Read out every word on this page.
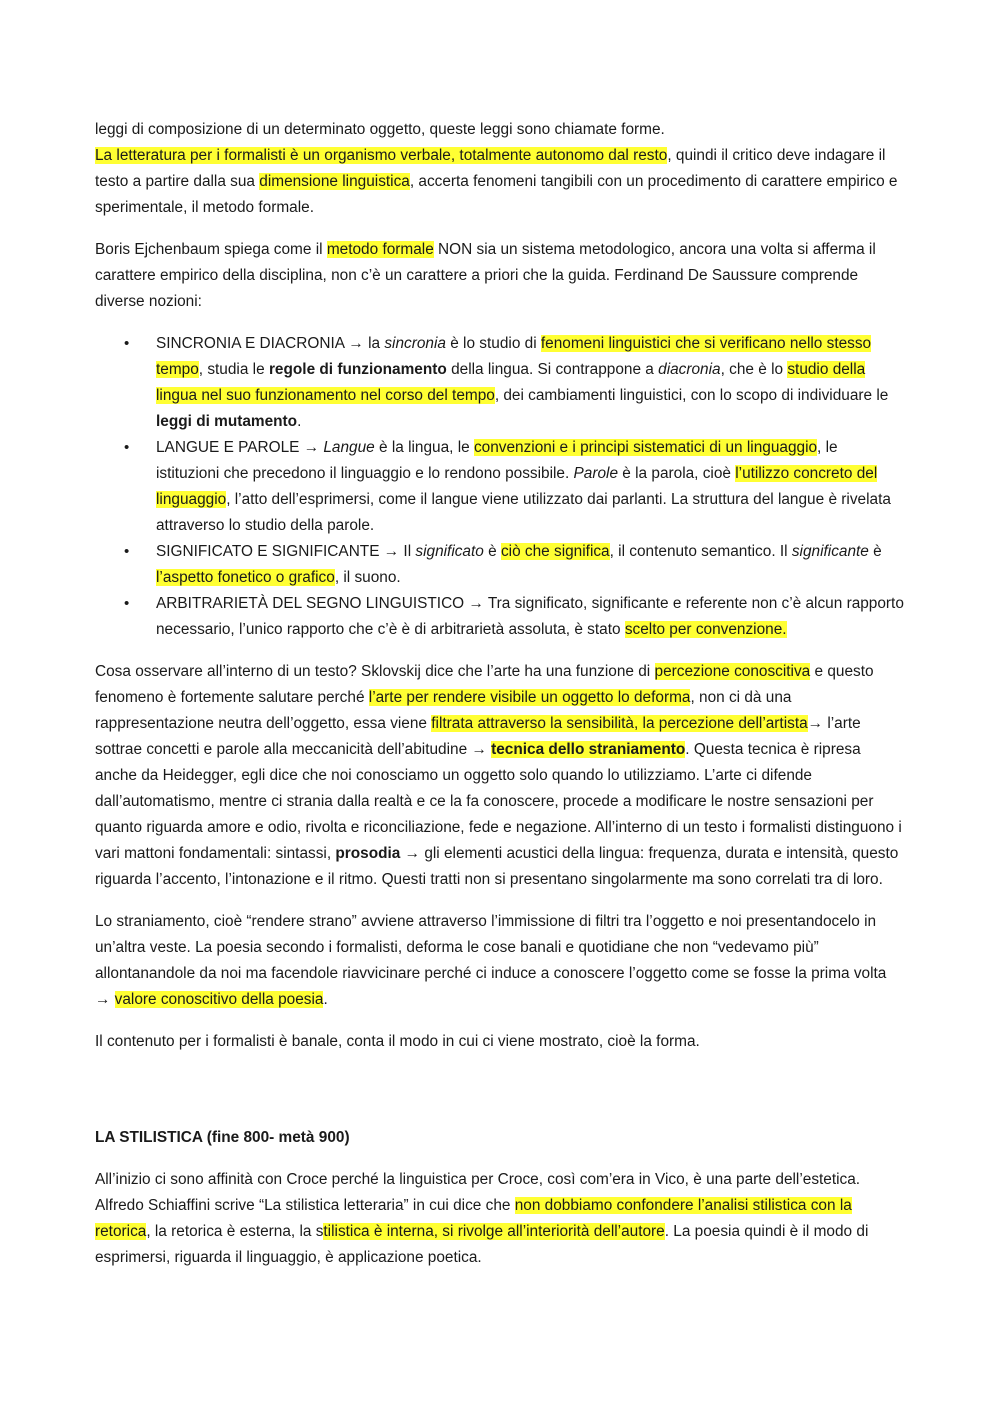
leggi di composizione di un determinato oggetto, queste leggi sono chiamate forme.
La letteratura per i formalisti è un organismo verbale, totalmente autonomo dal resto, quindi il critico deve indagare il testo a partire dalla sua dimensione linguistica, accerta fenomeni tangibili con un procedimento di carattere empirico e sperimentale, il metodo formale.

Boris Ejchenbaum spiega come il metodo formale NON sia un sistema metodologico, ancora una volta si afferma il carattere empirico della disciplina, non c’è un carattere a priori che la guida. Ferdinand De Saussure comprende diverse nozioni:

• SINCRONIA E DIACRONIA → la sincronia è lo studio di fenomeni linguistici che si verificano nello stesso tempo, studia le regole di funzionamento della lingua. Si contrappone a diacronia, che è lo studio della lingua nel suo funzionamento nel corso del tempo, dei cambiamenti linguistici, con lo scopo di individuare le leggi di mutamento.
• LANGUE E PAROLE → Langue è la lingua, le convenzioni e i principi sistematici di un linguaggio, le istituzioni che precedono il linguaggio e lo rendono possibile. Parole è la parola, cioè l’utilizzo concreto del linguaggio, l’atto dell’esprimersi, come il langue viene utilizzato dai parlanti. La struttura del langue è rivelata attraverso lo studio della parole.
• SIGNIFICATO E SIGNIFICANTE → Il significato è ciò che significa, il contenuto semantico. Il significante è l’aspetto fonetico o grafico, il suono.
• ARBITRARIETÀ DEL SEGNO LINGUISTICO → Tra significato, significante e referente non c’è alcun rapporto necessario, l’unico rapporto che c’è è di arbitrarietà assoluta, è stato scelto per convenzione.

Cosa osservare all’interno di un testo? Sklovskij dice che l’arte ha una funzione di percezione conoscitiva e questo fenomeno è fortemente salutare perché l’arte per rendere visibile un oggetto lo deforma, non ci dà una rappresentazione neutra dell’oggetto, essa viene filtrata attraverso la sensibilità, la percezione dell’artista→ l’arte sottrae concetti e parole alla meccanicità dell’abitudine → tecnica dello straniamento. Questa tecnica è ripresa anche da Heidegger, egli dice che noi conosciamo un oggetto solo quando lo utilizziamo. L’arte ci difende dall’automatismo, mentre ci strania dalla realtà e ce la fa conoscere, procede a modificare le nostre sensazioni per quanto riguarda amore e odio, rivolta e riconciliazione, fede e negazione. All’interno di un testo i formalisti distinguono i vari mattoni fondamentali: sintassi, prosodia → gli elementi acustici della lingua: frequenza, durata e intensità, questo riguarda l’accento, l’intonazione e il ritmo. Questi tratti non si presentano singolarmente ma sono correlati tra di loro.

Lo straniamento, cioè “rendere strano” avviene attraverso l’immissione di filtri tra l’oggetto e noi presentandocelo in un’altra veste. La poesia secondo i formalisti, deforma le cose banali e quotidiane che non “vedevamo più” allontanandole da noi ma facendole riavvicinare perché ci induce a conoscere l’oggetto come se fosse la prima volta → valore conoscitivo della poesia.

Il contenuto per i formalisti è banale, conta il modo in cui ci viene mostrato, cioè la forma.

LA STILISTICA (fine 800- metà 900)

All’inizio ci sono affinità con Croce perché la linguistica per Croce, così com’era in Vico, è una parte dell’estetica. Alfredo Schiaffini scrive “La stilistica letteraria” in cui dice che non dobbiamo confondere l’analisi stilistica con la retorica, la retorica è esterna, la stilistica è interna, si rivolge all’interiorità dell’autore. La poesia quindi è il modo di esprimersi, riguarda il linguaggio, è applicazione poetica.
